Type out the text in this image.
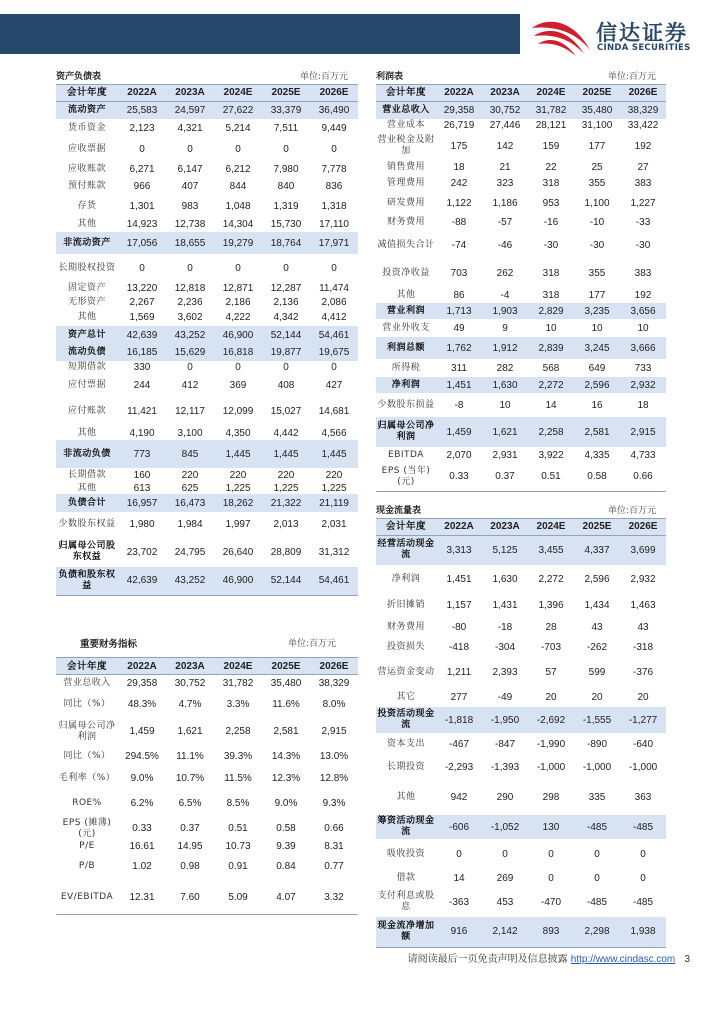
信达证券
CINDA SECURITIES
资产负债表			单位:百万元		
会计年度	2022A	2023A	2024E	2025E	2026E
流动资产	25,583	24,597	27,622	33,379	36,490
货币资金	2,123	4,321	5,214	7,511	9,449
应收票据	0	0	0	0	0
应收账款	6,271	6,147	6,212	7,980	7,778
预付账款	966	407	844	840	836
存货	1,301	983	1,048	1,319	1,318
其他	14,923	12,738	14,304	15,730	17,110
非流动资产	17,056	18,655	19,279	18,764	17,971
长期股权投资	0	0	0	0	0
固定资产	13,220	12,818	12,871	12,287	11,474
无形资产	2,267	2,236	2,186	2,136	2,086
其他	1,569	3,602	4,222	4,342	4,412
资产总计	42,639	43,252	46,900	52,144	54,461
流动负债	16,185	15,629	16,818	19,877	19,675
短期借款	330	0	0	0	0
应付票据	244	412	369	408	427
应付账款	11,421	12,117	12,099	15,027	14,681
其他	4,190	3,100	4,350	4,442	4,566
非流动负债	773	845	1,445	1,445	1,445
长期借款	160	220	220	220	220
其他	613	625	1,225	1,225	1,225
负债合计	16,957	16,473	18,262	21,322	21,119
少数股东权益	1,980	1,984	1,997	2,013	2,031
归属母公司股东权益	23,702	24,795	26,640	28,809	31,312
负债和股东权益	42,639	43,252	46,900	52,144	54,461
重要财务指标	单位:百万元
会计年度	2022A	2023A	2024E	2025E	2026E
营业总收入	29,358	30,752	31,782	35,480	38,329
同比（%）	48.3%	4.7%	3.3%	11.6%	8.0%
归属母公司净利润	1,459	1,621	2,258	2,581	2,915
同比（%）	294.5%	11.1%	39.3%	14.3%	13.0%
毛利率（%）	9.0%	10.7%	11.5%	12.3%	12.8%
ROE%	6.2%	6.5%	8.5%	9.0%	9.3%
EPS (摊薄)(元)	0.33	0.37	0.51	0.58	0.66
P/E	16.61	14.95	10.73	9.39	8.31
P/B	1.02	0.98	0.91	0.84	0.77
EV/EBITDA	12.31	7.60	5.09	4.07	3.32
利润表			单位:百万元		
会计年度	2022A	2023A	2024E	2025E	2026E
营业总收入	29,358	30,752	31,782	35,480	38,329
营业成本	26,719	27,446	28,121	31,100	33,422
营业税金及附加	175	142	159	177	192
销售费用	18	21	22	25	27
管理费用	242	323	318	355	383
研发费用	1,122	1,186	953	1,100	1,227
财务费用	-88	-57	-16	-10	-33
减值损失合计	-74	-46	-30	-30	-30
投资净收益	703	262	318	355	383
其他	86	-4	318	177	192
营业利润	1,713	1,903	2,829	3,235	3,656
营业外收支	49	9	10	10	10
利润总额	1,762	1,912	2,839	3,245	3,666
所得税	311	282	568	649	733
净利润	1,451	1,630	2,272	2,596	2,932
少数股东损益	-8	10	14	16	18
归属母公司净利润	1,459	1,621	2,258	2,581	2,915
EBITDA	2,070	2,931	3,922	4,335	4,733
EPS (当年)(元)	0.33	0.37	0.51	0.58	0.66
现金流量表			单位:百万元		
会计年度	2022A	2023A	2024E	2025E	2026E
经营活动现金流	3,313	5,125	3,455	4,337	3,699
净利润	1,451	1,630	2,272	2,596	2,932
折旧摊销	1,157	1,431	1,396	1,434	1,463
财务费用	-80	-18	28	43	43
投资损失	-418	-304	-703	-262	-318
营运资金变动	1,211	2,393	57	599	-376
其它	277	-49	20	20	20
投资活动现金流	-1,818	-1,950	-2,692	-1,555	-1,277
资本支出	-467	-847	-1,990	-890	-640
长期投资	-2,293	-1,393	-1,000	-1,000	-1,000
其他	942	290	298	335	363
筹资活动现金流	-606	-1,052	130	-485	-485
吸收投资	0	0	0	0	0
借款	14	269	0	0	0
支付利息或股息	-363	453	-470	-485	-485
现金流净增加额	916	2,142	893	2,298	1,938
请阅读最后一页免责声明及信息披露 http://www.cindasc.com 3
